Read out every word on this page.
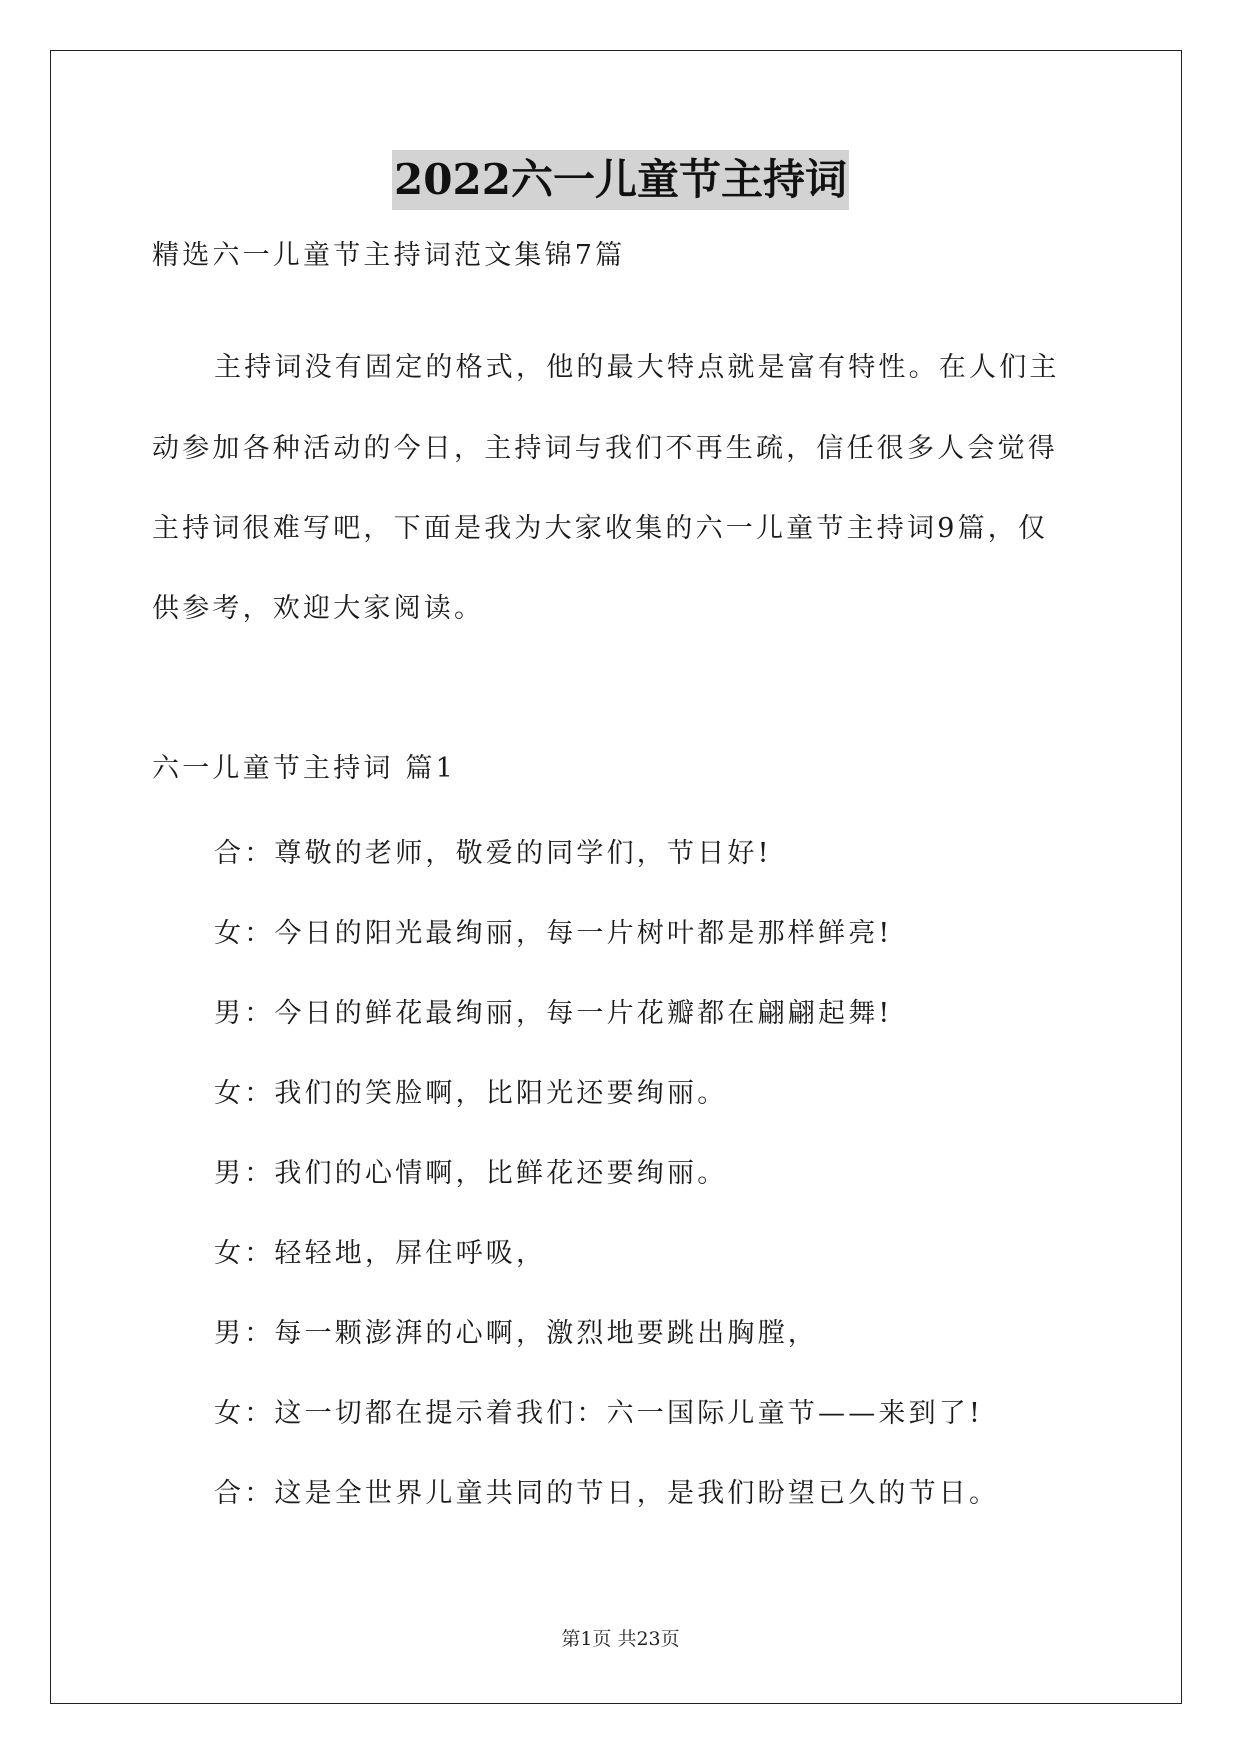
2022六一儿童节主持词
精选六一儿童节主持词范文集锦7篇
主持词没有固定的格式，他的最大特点就是富有特性。在人们主
动参加各种活动的今日，主持词与我们不再生疏，信任很多人会觉得
主持词很难写吧，下面是我为大家收集的六一儿童节主持词9篇，仅
供参考，欢迎大家阅读。
六一儿童节主持词 篇1
合：尊敬的老师，敬爱的同学们，节日好!
女：今日的阳光最绚丽，每一片树叶都是那样鲜亮!
男：今日的鲜花最绚丽，每一片花瓣都在翩翩起舞!
女：我们的笑脸啊，比阳光还要绚丽。
男：我们的心情啊，比鲜花还要绚丽。
女：轻轻地，屏住呼吸，
男：每一颗澎湃的心啊，激烈地要跳出胸膛，
女：这一切都在提示着我们：六一国际儿童节——来到了!
合：这是全世界儿童共同的节日，是我们盼望已久的节日。
第1页 共23页
